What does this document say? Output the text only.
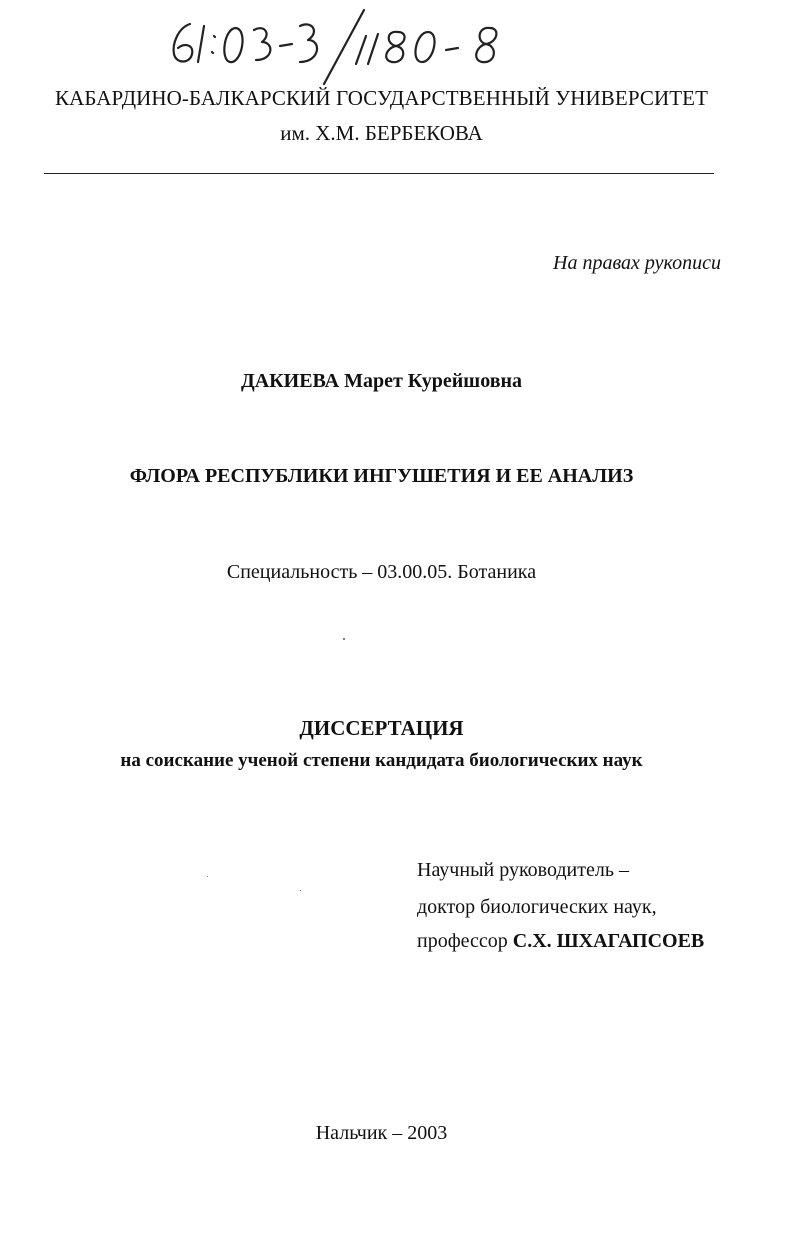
КАБАРДИНО-БАЛКАРСКИЙ ГОСУДАРСТВЕННЫЙ УНИВЕРСИТЕТ
им. Х.М. БЕРБЕКОВА
На правах рукописи
ДАКИЕВА Марет Курейшовна
ФЛОРА РЕСПУБЛИКИ ИНГУШЕТИЯ И ЕЕ АНАЛИЗ
Специальность – 03.00.05. Ботаника
ДИССЕРТАЦИЯ
на соискание ученой степени кандидата биологических наук
Научный руководитель –
доктор биологических наук,
профессор С.Х. ШХАГАПСОЕВ
Нальчик – 2003
